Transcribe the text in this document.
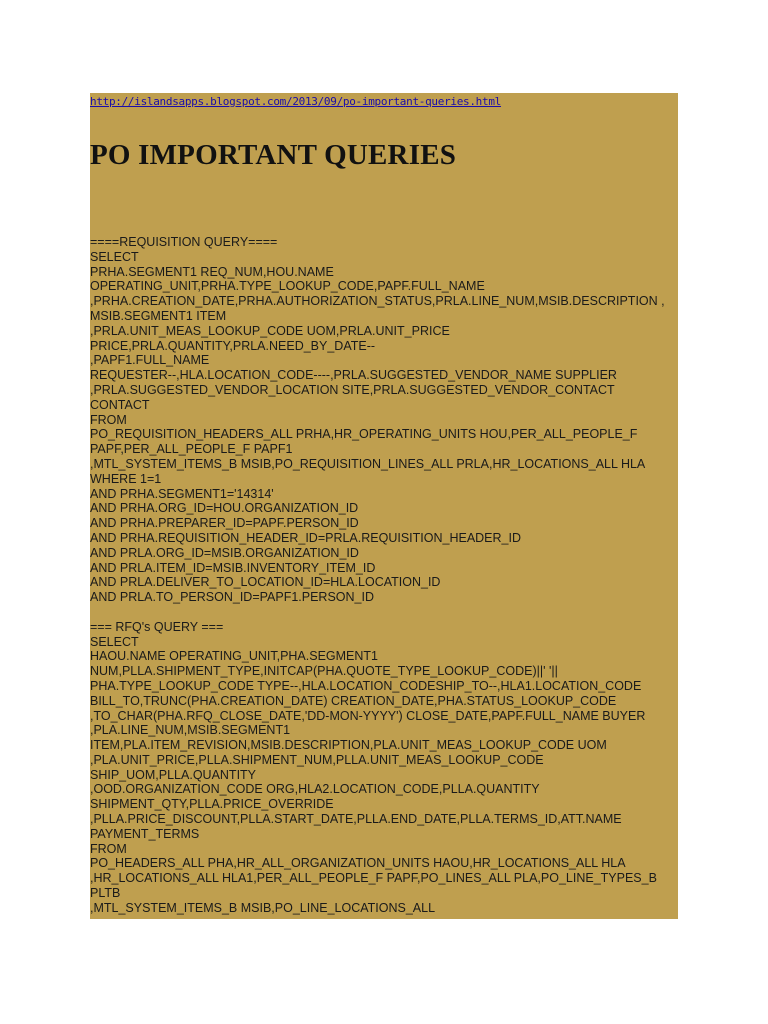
http://islandsapps.blogspot.com/2013/09/po-important-queries.html
PO IMPORTANT QUERIES
====REQUISITION QUERY====
SELECT
PRHA.SEGMENT1 REQ_NUM,HOU.NAME
OPERATING_UNIT,PRHA.TYPE_LOOKUP_CODE,PAPF.FULL_NAME
,PRHA.CREATION_DATE,PRHA.AUTHORIZATION_STATUS,PRLA.LINE_NUM,MSIB.DESCRIPTION ,
MSIB.SEGMENT1 ITEM
,PRLA.UNIT_MEAS_LOOKUP_CODE UOM,PRLA.UNIT_PRICE
PRICE,PRLA.QUANTITY,PRLA.NEED_BY_DATE--
,PAPF1.FULL_NAME
REQUESTER--,HLA.LOCATION_CODE----,PRLA.SUGGESTED_VENDOR_NAME SUPPLIER
,PRLA.SUGGESTED_VENDOR_LOCATION SITE,PRLA.SUGGESTED_VENDOR_CONTACT
CONTACT
FROM
PO_REQUISITION_HEADERS_ALL PRHA,HR_OPERATING_UNITS HOU,PER_ALL_PEOPLE_F
PAPF,PER_ALL_PEOPLE_F PAPF1
,MTL_SYSTEM_ITEMS_B MSIB,PO_REQUISITION_LINES_ALL PRLA,HR_LOCATIONS_ALL HLA
WHERE 1=1
AND PRHA.SEGMENT1='14314'
AND PRHA.ORG_ID=HOU.ORGANIZATION_ID
AND PRHA.PREPARER_ID=PAPF.PERSON_ID
AND PRHA.REQUISITION_HEADER_ID=PRLA.REQUISITION_HEADER_ID
AND PRLA.ORG_ID=MSIB.ORGANIZATION_ID
AND PRLA.ITEM_ID=MSIB.INVENTORY_ITEM_ID
AND PRLA.DELIVER_TO_LOCATION_ID=HLA.LOCATION_ID
AND PRLA.TO_PERSON_ID=PAPF1.PERSON_ID
=== RFQ's QUERY ===
SELECT
HAOU.NAME OPERATING_UNIT,PHA.SEGMENT1
NUM,PLLA.SHIPMENT_TYPE,INITCAP(PHA.QUOTE_TYPE_LOOKUP_CODE)||' '||
PHA.TYPE_LOOKUP_CODE TYPE--,HLA.LOCATION_CODESHIP_TO--,HLA1.LOCATION_CODE
BILL_TO,TRUNC(PHA.CREATION_DATE) CREATION_DATE,PHA.STATUS_LOOKUP_CODE
,TO_CHAR(PHA.RFQ_CLOSE_DATE,'DD-MON-YYYY') CLOSE_DATE,PAPF.FULL_NAME BUYER
,PLA.LINE_NUM,MSIB.SEGMENT1
ITEM,PLA.ITEM_REVISION,MSIB.DESCRIPTION,PLA.UNIT_MEAS_LOOKUP_CODE UOM
,PLA.UNIT_PRICE,PLLA.SHIPMENT_NUM,PLLA.UNIT_MEAS_LOOKUP_CODE
SHIP_UOM,PLLA.QUANTITY
,OOD.ORGANIZATION_CODE ORG,HLA2.LOCATION_CODE,PLLA.QUANTITY
SHIPMENT_QTY,PLLA.PRICE_OVERRIDE
,PLLA.PRICE_DISCOUNT,PLLA.START_DATE,PLLA.END_DATE,PLLA.TERMS_ID,ATT.NAME
PAYMENT_TERMS
FROM
PO_HEADERS_ALL PHA,HR_ALL_ORGANIZATION_UNITS HAOU,HR_LOCATIONS_ALL HLA
,HR_LOCATIONS_ALL HLA1,PER_ALL_PEOPLE_F PAPF,PO_LINES_ALL PLA,PO_LINE_TYPES_B
PLTB
,MTL_SYSTEM_ITEMS_B MSIB,PO_LINE_LOCATIONS_ALL
